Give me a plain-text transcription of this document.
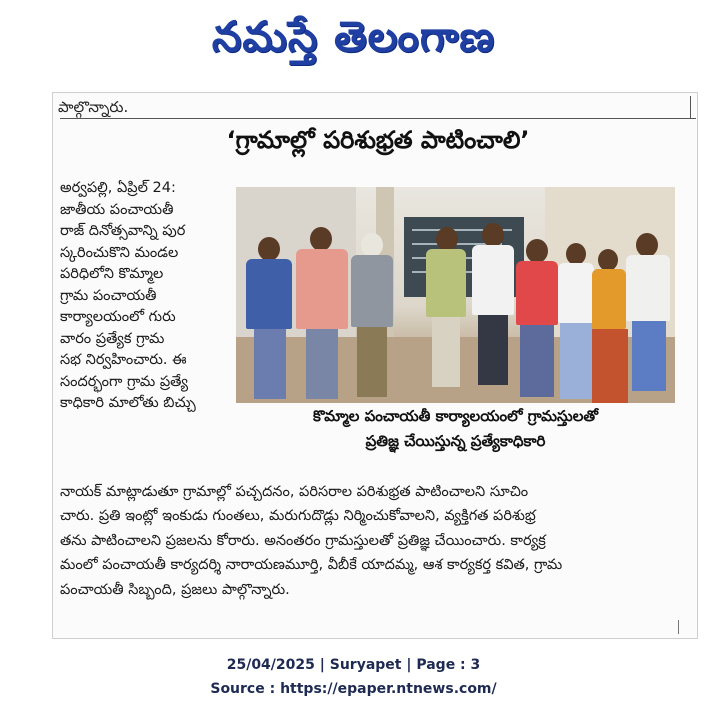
నమస్తే తెలంగాణ
పాల్గొన్నారు.
‘గ్రామాల్లో పరిశుభ్రత పాటించాలి’
అర్వపల్లి, ఏప్రిల్ 24:
జాతీయ పంచాయతీ
రాజ్ దినోత్సవాన్ని పుర
స్కరించుకొని మండల
పరిధిలోని కొమ్మాల
గ్రామ పంచాయతీ
కార్యాలయంలో గురు
వారం ప్రత్యేక గ్రామ
సభ నిర్వహించారు. ఈ
సందర్భంగా గ్రామ ప్రత్యే
కాధికారి మాలోతు బిచ్చు
కొమ్మాల పంచాయతీ కార్యాలయంలో గ్రామస్తులతో
ప్రతిజ్ఞ చేయిస్తున్న ప్రత్యేకాధికారి
నాయక్ మాట్లాడుతూ గ్రామాల్లో పచ్చదనం, పరిసరాల పరిశుభ్రత పాటించాలని సూచిం
చారు. ప్రతి ఇంట్లో ఇంకుడు గుంతలు, మరుగుదొడ్లు నిర్మించుకోవాలని, వ్యక్తిగత పరిశుభ్ర
తను పాటించాలని ప్రజలను కోరారు. అనంతరం గ్రామస్తులతో ప్రతిజ్ఞ చేయించారు. కార్యక్ర
మంలో పంచాయతీ కార్యదర్శి నారాయణమూర్తి, వీబీకే యాదమ్మ, ఆశ కార్యకర్త కవిత, గ్రామ
పంచాయతీ సిబ్బంది, ప్రజలు పాల్గొన్నారు.
25/04/2025 | Suryapet | Page : 3
Source : https://epaper.ntnews.com/
